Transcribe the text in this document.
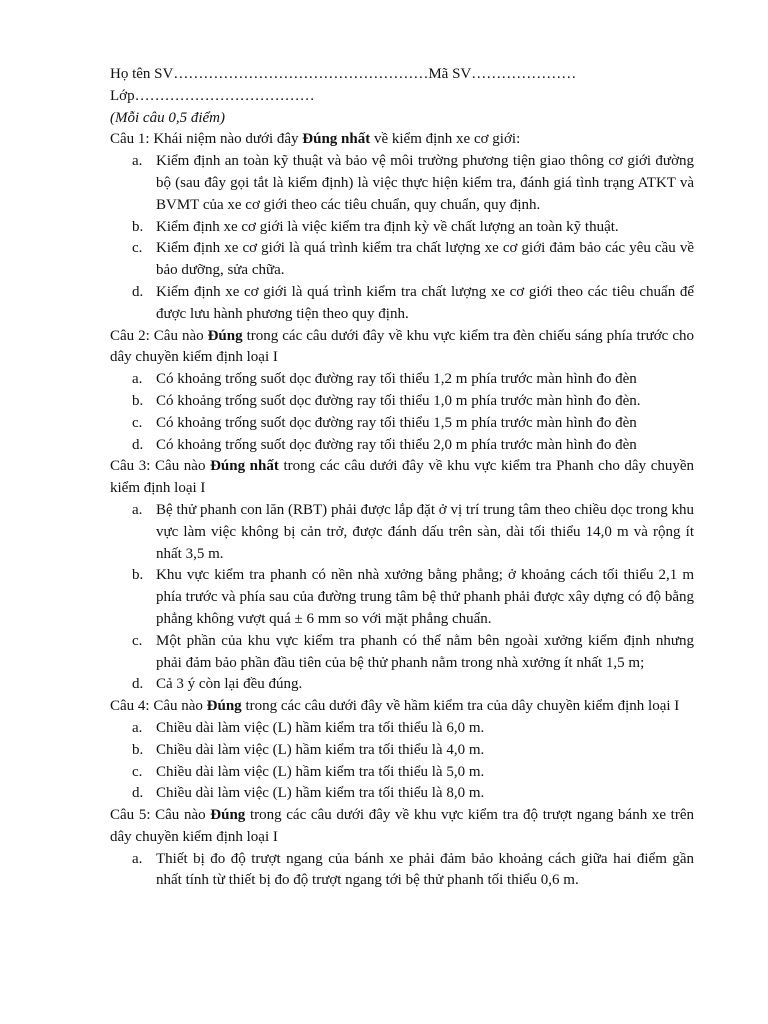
Họ tên SV……………………………………………Mã SV…………………
Lớp………………………………
(Mỗi câu 0,5 điểm)
Câu 1: Khái niệm nào dưới đây Đúng nhất về kiểm định xe cơ giới:
a. Kiểm định an toàn kỹ thuật và bảo vệ môi trường phương tiện giao thông cơ giới đường bộ (sau đây gọi tắt là kiểm định) là việc thực hiện kiểm tra, đánh giá tình trạng ATKT và BVMT của xe cơ giới theo các tiêu chuẩn, quy chuẩn, quy định.
b. Kiểm định xe cơ giới là việc kiểm tra định kỳ về chất lượng an toàn kỹ thuật.
c. Kiểm định xe cơ giới là quá trình kiểm tra chất lượng xe cơ giới đảm bảo các yêu cầu về bảo dưỡng, sửa chữa.
d. Kiểm định xe cơ giới là quá trình kiểm tra chất lượng xe cơ giới theo các tiêu chuẩn để được lưu hành phương tiện theo quy định.
Câu 2: Câu nào Đúng trong các câu dưới đây về khu vực kiểm tra đèn chiếu sáng phía trước cho dây chuyền kiểm định loại I
a. Có khoảng trống suốt dọc đường ray tối thiểu 1,2 m phía trước màn hình đo đèn
b. Có khoảng trống suốt dọc đường ray tối thiểu 1,0 m phía trước màn hình đo đèn.
c. Có khoảng trống suốt dọc đường ray tối thiểu 1,5 m phía trước màn hình đo đèn
d. Có khoảng trống suốt dọc đường ray tối thiểu 2,0 m phía trước màn hình đo đèn
Câu 3: Câu nào Đúng nhất trong các câu dưới đây về khu vực kiểm tra Phanh cho dây chuyền kiểm định loại I
a. Bệ thử phanh con lăn (RBT) phải được lắp đặt ở vị trí trung tâm theo chiều dọc trong khu vực làm việc không bị cản trở, được đánh dấu trên sàn, dài tối thiểu 14,0 m và rộng ít nhất 3,5 m.
b. Khu vực kiểm tra phanh có nền nhà xưởng bằng phẳng; ở khoảng cách tối thiểu 2,1 m phía trước và phía sau của đường trung tâm bệ thử phanh phải được xây dựng có độ bằng phẳng không vượt quá ± 6 mm so với mặt phẳng chuẩn.
c. Một phần của khu vực kiểm tra phanh có thể nằm bên ngoài xưởng kiểm định nhưng phải đảm bảo phần đầu tiên của bệ thử phanh nằm trong nhà xưởng ít nhất 1,5 m;
d. Cả 3 ý còn lại đều đúng.
Câu 4: Câu nào Đúng trong các câu dưới đây về hầm kiểm tra của dây chuyền kiểm định loại I
a. Chiều dài làm việc (L) hầm kiểm tra tối thiểu là 6,0 m.
b. Chiều dài làm việc (L) hầm kiểm tra tối thiểu là 4,0 m.
c. Chiều dài làm việc (L) hầm kiểm tra tối thiểu là 5,0 m.
d. Chiều dài làm việc (L) hầm kiểm tra tối thiểu là 8,0 m.
Câu 5: Câu nào Đúng trong các câu dưới đây về khu vực kiểm tra độ trượt ngang bánh xe trên dây chuyền kiểm định loại I
a. Thiết bị đo độ trượt ngang của bánh xe phải đảm bảo khoảng cách giữa hai điểm gần nhất tính từ thiết bị đo độ trượt ngang tới bệ thử phanh tối thiểu 0,6 m.
